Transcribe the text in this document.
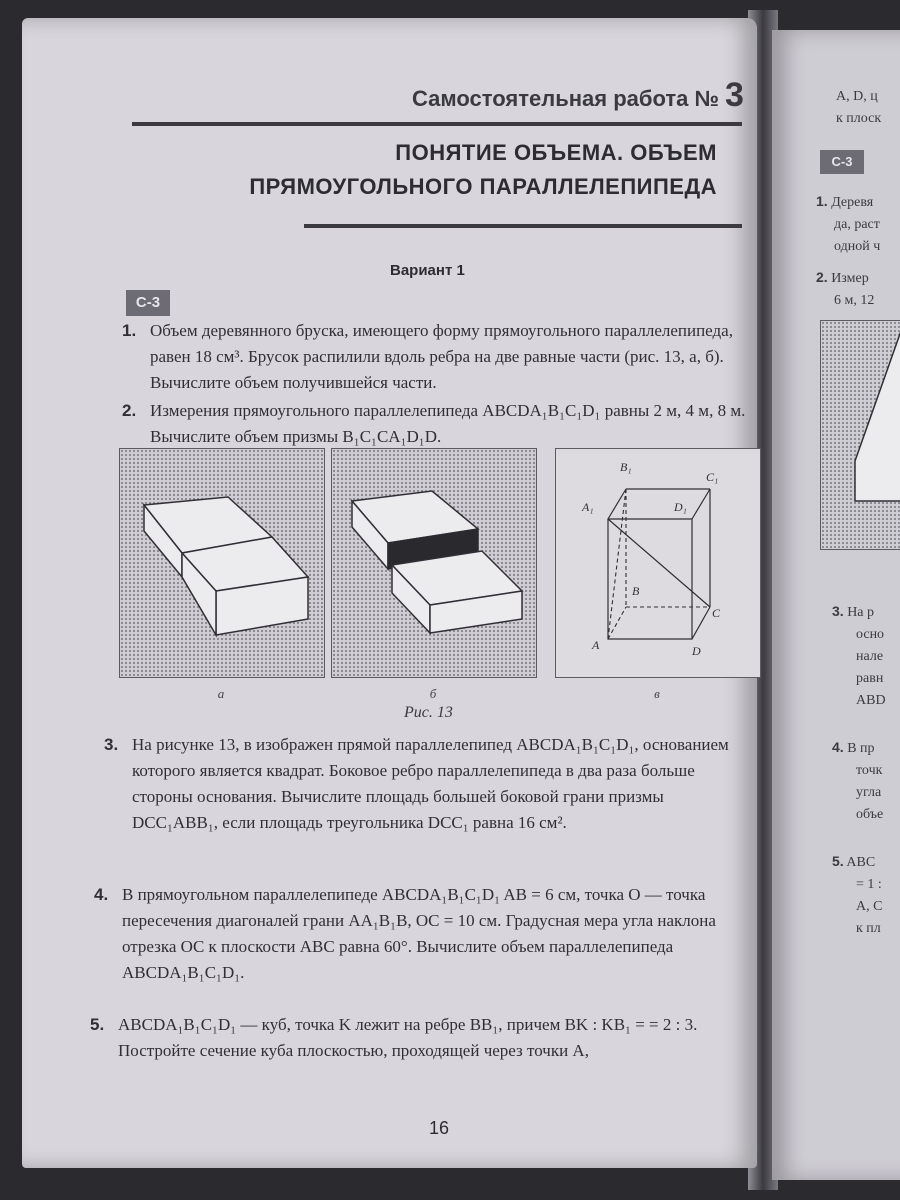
Самостоятельная работа № 3
ПОНЯТИЕ ОБЪЕМА. ОБЪЕМ
ПРЯМОУГОЛЬНОГО ПАРАЛЛЕЛЕПИПЕДА
Вариант 1
С-3
1. Объем деревянного бруска, имеющего форму прямоугольного параллелепипеда, равен 18 см³. Брусок распилили вдоль ребра на две равные части (рис. 13, а, б). Вычислите объем получившейся части.
2. Измерения прямоугольного параллелепипеда ABCDA₁B₁C₁D₁ равны 2 м, 4 м, 8 м. Вычислите объем призмы B₁C₁CA₁D₁D.
а	б
B₁
C₁
A₁	D₁
B
C
A	D
в
Рис. 13
3. На рисунке 13, в изображен прямой параллелепипед ABCDA₁B₁C₁D₁, основанием которого является квадрат. Боковое ребро параллелепипеда в два раза больше стороны основания. Вычислите площадь большей боковой грани призмы DCC₁ABB₁, если площадь треугольника DCC₁ равна 16 см².
4. В прямоугольном параллелепипеде ABCDA₁B₁C₁D₁ AB = 6 см, точка O — точка пересечения диагоналей грани AA₁B₁B, OC = 10 см. Градусная мера угла наклона отрезка OC к плоскости ABC равна 60°. Вычислите объем параллелепипеда ABCDA₁B₁C₁D₁.
5. ABCDA₁B₁C₁D₁ — куб, точка K лежит на ребре BB₁, причем BK : KB₁ = = 2 : 3. Постройте сечение куба плоскостью, проходящей через точки A,
16
A, D, ц
к плоск
С-3
1. Деревя
да, раст
одной ч
2. Измер
6 м, 12
3. На р
осно
нале
равн
ABD
4. В пр
точк
угла
объе
5. ABC
= 1 :
A, C
к пл
